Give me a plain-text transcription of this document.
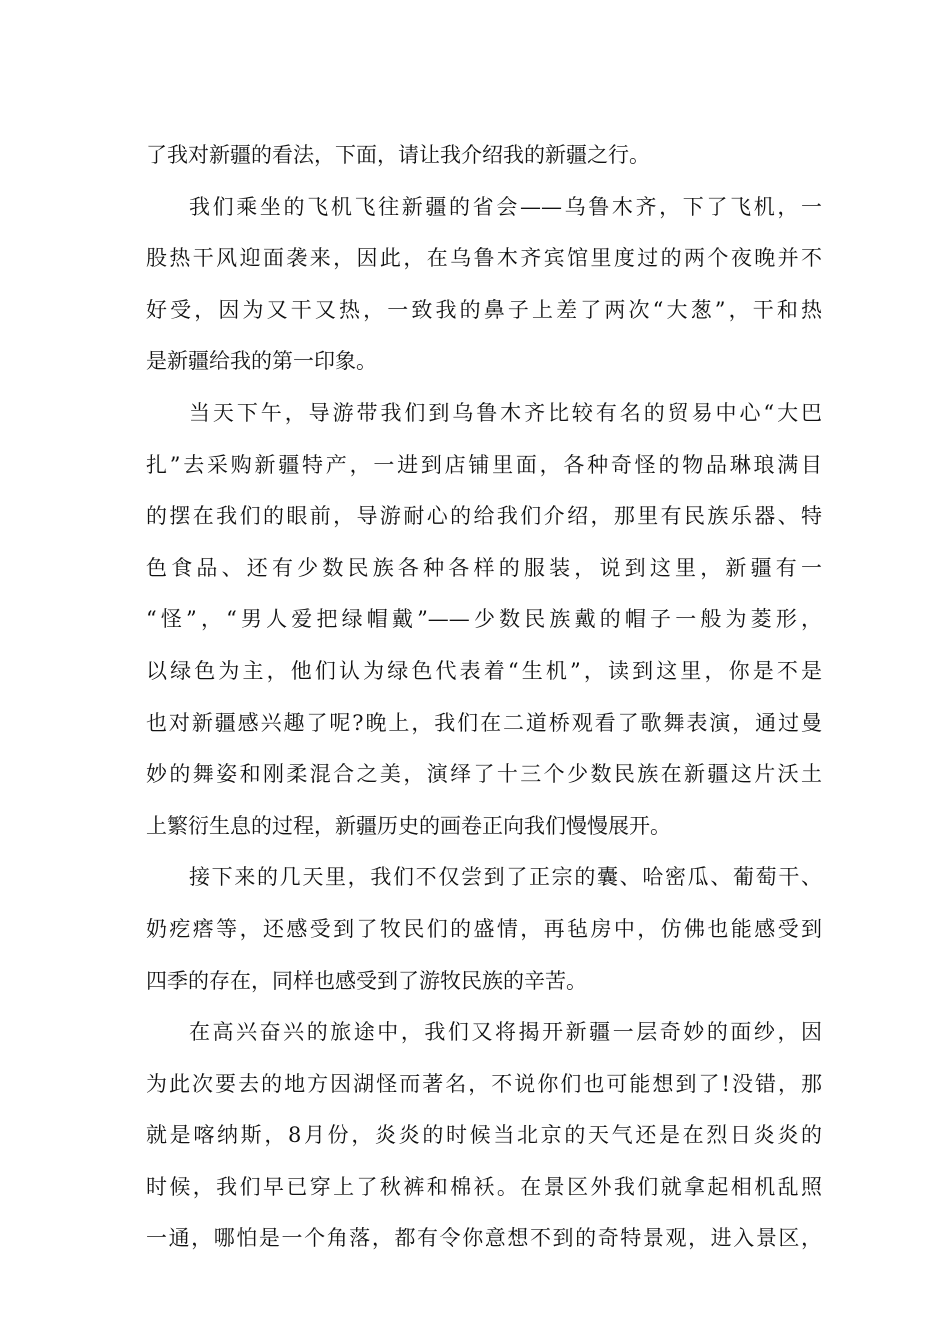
了我对新疆的看法，下面，请让我介绍我的新疆之行。
我们乘坐的飞机飞往新疆的省会——乌鲁木齐，下了飞机，一
股热干风迎面袭来，因此，在乌鲁木齐宾馆里度过的两个夜晚并不
好受，因为又干又热，一致我的鼻子上差了两次“大葱”，干和热
是新疆给我的第一印象。
当天下午，导游带我们到乌鲁木齐比较有名的贸易中心“大巴
扎”去采购新疆特产，一进到店铺里面，各种奇怪的物品琳琅满目
的摆在我们的眼前，导游耐心的给我们介绍，那里有民族乐器、特
色食品、还有少数民族各种各样的服装，说到这里，新疆有一
“怪”，“男人爱把绿帽戴”——少数民族戴的帽子一般为菱形，
以绿色为主，他们认为绿色代表着“生机”，读到这里，你是不是
也对新疆感兴趣了呢?晚上，我们在二道桥观看了歌舞表演，通过曼
妙的舞姿和刚柔混合之美，演绎了十三个少数民族在新疆这片沃土
上繁衍生息的过程，新疆历史的画卷正向我们慢慢展开。
接下来的几天里，我们不仅尝到了正宗的囊、哈密瓜、葡萄干、
奶疙瘩等，还感受到了牧民们的盛情，再毡房中，仿佛也能感受到
四季的存在，同样也感受到了游牧民族的辛苦。
在高兴奋兴的旅途中，我们又将揭开新疆一层奇妙的面纱，因
为此次要去的地方因湖怪而著名，不说你们也可能想到了!没错，那
就是喀纳斯，8月份，炎炎的时候当北京的天气还是在烈日炎炎的
时候，我们早已穿上了秋裤和棉袄。在景区外我们就拿起相机乱照
一通，哪怕是一个角落，都有令你意想不到的奇特景观，进入景区，
